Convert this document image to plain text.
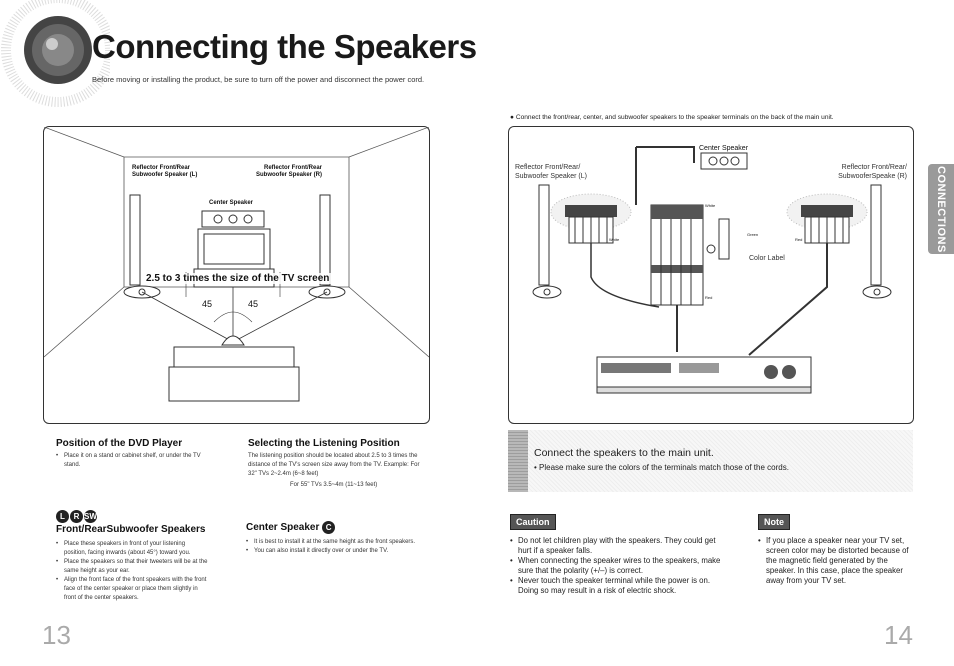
Connecting the Speakers
Before moving or installing the product, be sure to turn off the power and disconnect the power cord.
CONNECTIONS
Reflector Front/Rear
Subwoofer Speaker (L)
Reflector Front/Rear
Subwoofer Speaker (R)
Center Speaker
2.5 to 3 times the size of the TV screen
45	45
● Connect the front/rear, center, and subwoofer speakers to the speaker terminals on the back of the main unit.
Center Speaker
Reflector Front/Rear/
Subwoofer Speaker (L)
Reflector Front/Rear/
SubwooferSpeake (R)
Color Label
White
White
Green
Red
Red
Position of the DVD Player
• Place it on a stand or cabinet shelf, or under the TV stand.
Selecting the Listening Position
The listening position should be located about 2.5 to 3 times the distance of the TV's screen size away from the TV. Example: For 32" TVs 2~2.4m (6~8 feet)
For 55" TVs 3.5~4m (11~13 feet)
L R SW
Front/RearSubwoofer Speakers
• Place these speakers in front of your listening position, facing inwards (about 45°) toward you.
• Place the speakers so that their tweeters will be at the same height as your ear.
• Align the front face of the front speakers with the front face of the center speaker or place them slightly in front of the center speakers.
Center Speaker C
• It is best to install it at the same height as the front speakers.
• You can also install it directly over or under the TV.
Connect the speakers to the main unit.
• Please make sure the colors of the terminals match those of the cords.
Caution
• Do not let children play with the speakers. They could get hurt if a speaker falls.
• When connecting the speaker wires to the speakers, make sure that the polarity (+/–) is correct.
• Never touch the speaker terminal while the power is on. Doing so may result in a risk of electric shock.
Note
• If you place a speaker near your TV set, screen color may be distorted because of the magnetic field generated by the speaker. In this case, place the speaker away from your TV set.
13	14
